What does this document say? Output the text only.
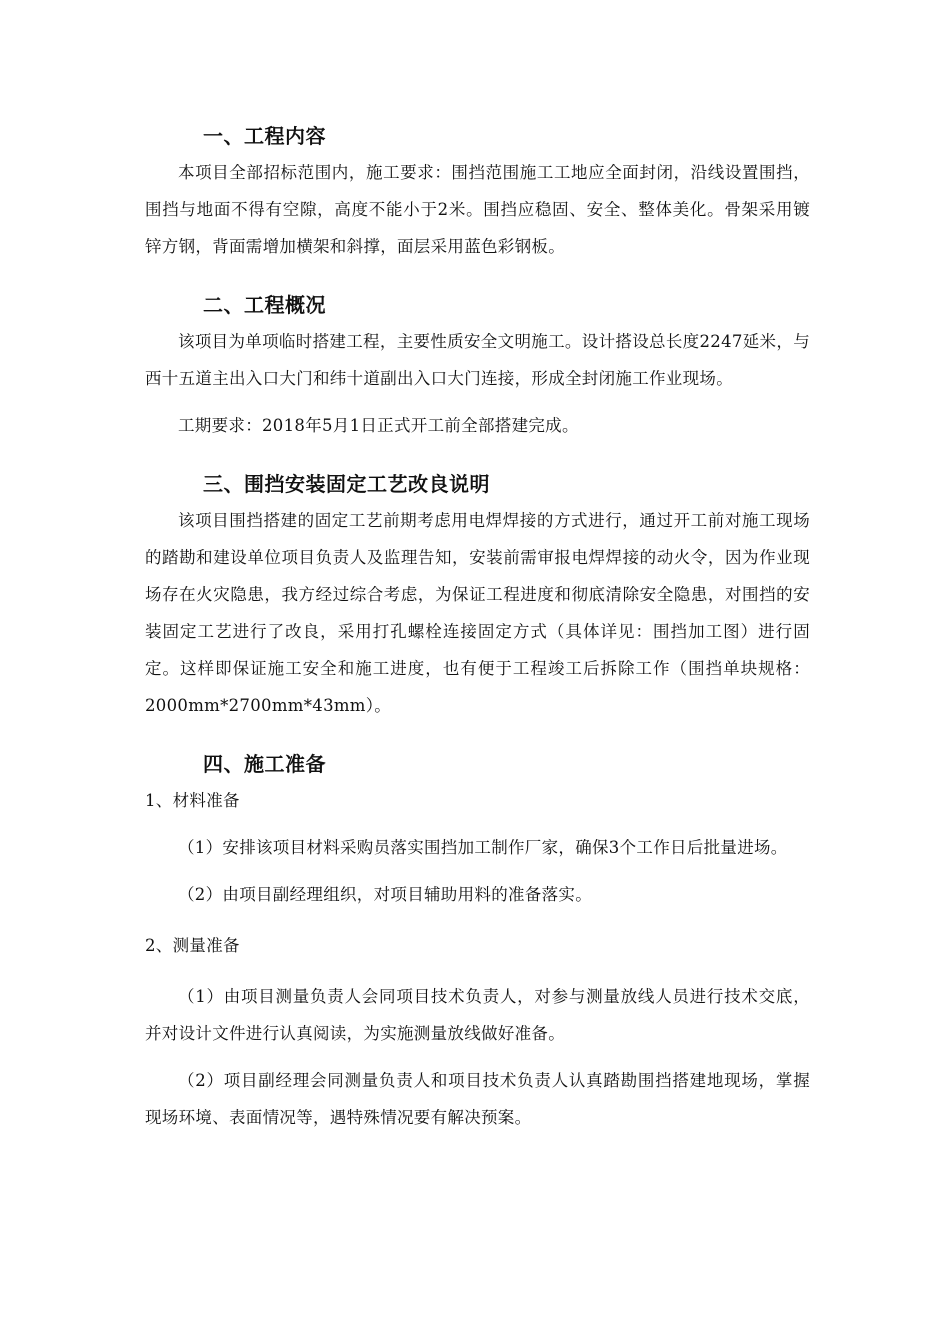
一、工程内容

本项目全部招标范围内，施工要求：围挡范围施工工地应全面封闭，沿线设置围挡，围挡与地面不得有空隙，高度不能小于2米。围挡应稳固、安全、整体美化。骨架采用镀锌方钢，背面需增加横架和斜撑，面层采用蓝色彩钢板。

二、工程概况

该项目为单项临时搭建工程，主要性质安全文明施工。设计搭设总长度2247延米，与西十五道主出入口大门和纬十道副出入口大门连接，形成全封闭施工作业现场。

工期要求：2018年5月1日正式开工前全部搭建完成。

三、围挡安装固定工艺改良说明

该项目围挡搭建的固定工艺前期考虑用电焊焊接的方式进行，通过开工前对施工现场的踏勘和建设单位项目负责人及监理告知，安装前需审报电焊焊接的动火令，因为作业现场存在火灾隐患，我方经过综合考虑，为保证工程进度和彻底清除安全隐患，对围挡的安装固定工艺进行了改良，采用打孔螺栓连接固定方式（具体详见：围挡加工图）进行固定。这样即保证施工安全和施工进度，也有便于工程竣工后拆除工作（围挡单块规格：2000mm*2700mm*43mm）。

四、施工准备

1、材料准备

（1）安排该项目材料采购员落实围挡加工制作厂家，确保3个工作日后批量进场。

（2）由项目副经理组织，对项目辅助用料的准备落实。

2、测量准备

（1）由项目测量负责人会同项目技术负责人，对参与测量放线人员进行技术交底，并对设计文件进行认真阅读，为实施测量放线做好准备。

（2）项目副经理会同测量负责人和项目技术负责人认真踏勘围挡搭建地现场，掌握现场环境、表面情况等，遇特殊情况要有解决预案。
